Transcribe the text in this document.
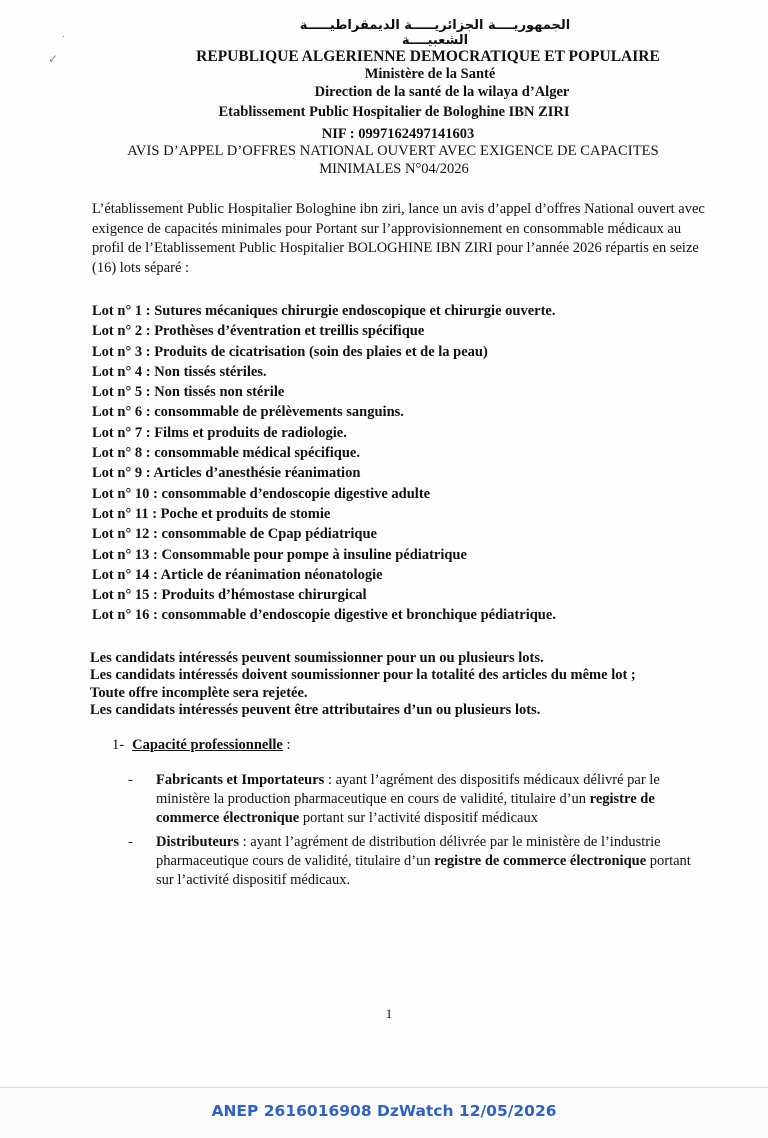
·
✓
الجمهوريــــة الجزائريـــــة الديمقراطيـــــة الشعبيــــة
REPUBLIQUE ALGERIENNE DEMOCRATIQUE ET POPULAIRE
Ministère de la Santé
Direction de la santé de la wilaya d’Alger
Etablissement Public Hospitalier de Bologhine IBN ZIRI
NIF : 0997162497141603
AVIS D’APPEL D’OFFRES NATIONAL OUVERT AVEC EXIGENCE DE CAPACITES
MINIMALES N°04/2026
L’établissement Public Hospitalier Bologhine ibn ziri, lance un avis d’appel d’offres National ouvert avec exigence de capacités minimales pour Portant sur l’approvisionnement en consommable médicaux au profil de l’Etablissement Public Hospitalier BOLOGHINE IBN ZIRI pour l’année 2026 répartis en seize (16) lots séparé :
Lot n° 1 : Sutures mécaniques chirurgie endoscopique et chirurgie ouverte.
Lot n° 2 : Prothèses d’éventration et treillis spécifique
Lot n° 3 : Produits de cicatrisation (soin des plaies et de la peau)
Lot n° 4 : Non tissés stériles.
Lot n° 5 : Non tissés non stérile
Lot n° 6 : consommable de prélèvements sanguins.
Lot n° 7 : Films et produits de radiologie.
Lot n° 8 : consommable médical spécifique.
Lot n° 9 : Articles d’anesthésie réanimation
Lot n° 10 : consommable d’endoscopie digestive adulte
Lot n° 11 : Poche et produits de stomie
Lot n° 12 : consommable de Cpap pédiatrique
Lot n° 13 : Consommable pour pompe à insuline pédiatrique
Lot n° 14 : Article de réanimation néonatologie
Lot n° 15 : Produits d’hémostase chirurgical
Lot n° 16 : consommable d’endoscopie digestive et bronchique pédiatrique.
Les candidats intéressés peuvent soumissionner pour un ou plusieurs lots.
Les candidats intéressés doivent soumissionner pour la totalité des articles du même lot ;
Toute offre incomplète sera rejetée.
Les candidats intéressés peuvent être attributaires d’un ou plusieurs lots.
1- Capacité professionnelle :
- Fabricants et Importateurs : ayant l’agrément des dispositifs médicaux délivré par le ministère la production pharmaceutique en cours de validité, titulaire d’un registre de commerce électronique portant sur l’activité dispositif médicaux
- Distributeurs : ayant l’agrément de distribution délivrée par le ministère de l’industrie pharmaceutique cours de validité, titulaire d’un registre de commerce électronique portant sur l’activité dispositif médicaux.
1
ANEP 2616016908 DzWatch 12/05/2026
